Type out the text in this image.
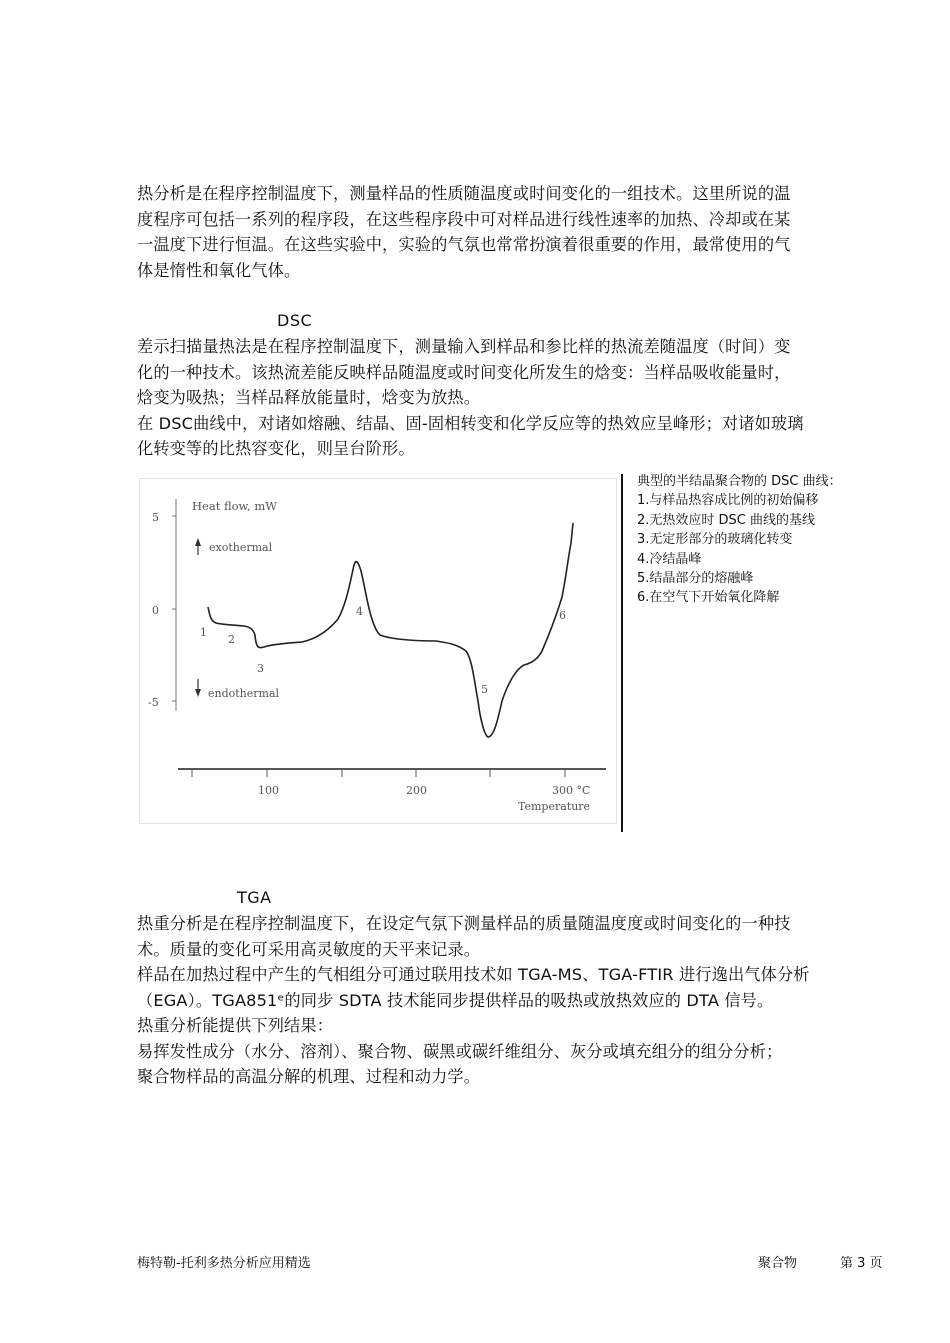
热分析是在程序控制温度下，测量样品的性质随温度或时间变化的一组技术。这里所说的温
度程序可包括一系列的程序段，在这些程序段中可对样品进行线性速率的加热、冷却或在某
一温度下进行恒温。在这些实验中，实验的气氛也常常扮演着很重要的作用，最常使用的气
体是惰性和氧化气体。
DSC
差示扫描量热法是在程序控制温度下，测量输入到样品和参比样的热流差随温度（时间）变
化的一种技术。该热流差能反映样品随温度或时间变化所发生的焓变：当样品吸收能量时，
焓变为吸热；当样品释放能量时，焓变为放热。
在 DSC曲线中，对诸如熔融、结晶、固-固相转变和化学反应等的热效应呈峰形；对诸如玻璃
化转变等的比热容变化，则呈台阶形。
5
0
-5
Heat flow, mW
exothermal
endothermal
1
2
3
4
5
6
100	200	300 °C
Temperature
典型的半结晶聚合物的 DSC 曲线：
1.与样品热容成比例的初始偏移
2.无热效应时 DSC 曲线的基线
3.无定形部分的玻璃化转变
4.冷结晶峰
5.结晶部分的熔融峰
6.在空气下开始氧化降解
TGA
热重分析是在程序控制温度下，在设定气氛下测量样品的质量随温度度或时间变化的一种技
术。质量的变化可采用高灵敏度的天平来记录。
样品在加热过程中产生的气相组分可通过联用技术如 TGA-MS、TGA-FTIR 进行逸出气体分析
（EGA）。TGA851ᵉ的同步 SDTA 技术能同步提供样品的吸热或放热效应的 DTA 信号。
热重分析能提供下列结果：
易挥发性成分（水分、溶剂）、聚合物、碳黑或碳纤维组分、灰分或填充组分的组分分析；
聚合物样品的高温分解的机理、过程和动力学。
梅特勒-托利多热分析应用精选	聚合物	第 3 页
